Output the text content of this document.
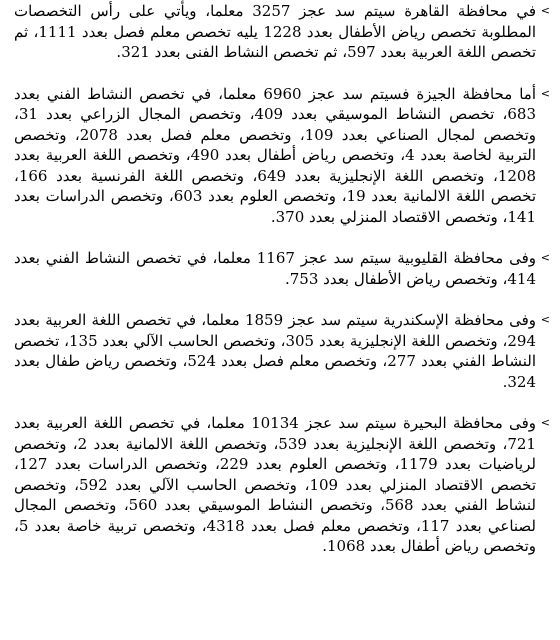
>
في محافظة القاهرة سيتم سد عجز 3257 معلما، ويأتي على رأس التخصصات المطلوبة تخصص رياض الأطفال بعدد 1228 يليه تخصص معلم فصل بعدد 1111، ثم تخصص اللغة العربية بعدد 597، ثم تخصص النشاط الفنى بعدد 321.

>
أما محافظة الجيزة فسيتم سد عجز 6960 معلما، في تخصص النشاط الفني بعدد 683، تخصص النشاط الموسيقي بعدد 409، وتخصص المجال الزراعي بعدد 31، وتخصص لمجال الصناعي بعدد 109، وتخصص معلم فصل بعدد 2078، وتخصص التربية لخاصة بعدد 4، وتخصص رياض أطفال بعدد 490، وتخصص اللغة العربية بعدد 1208، وتخصص اللغة الإنجليزية بعدد 649، وتخصص اللغة الفرنسية بعدد 166، تخصص اللغة الالمانية بعدد 19، وتخصص العلوم بعدد 603، وتخصص الدراسات بعدد 141، وتخصص الاقتصاد المنزلي بعدد 370.

>
وفى محافظة القليوبية سيتم سد عجز 1167 معلما، في تخصص النشاط الفني بعدد 414، وتخصص رياض الأطفال بعدد 753.

>
وفى محافظة الإسكندرية سيتم سد عجز 1859 معلما، في تخصص اللغة العربية بعدد 294، وتخصص اللغة الإنجليزية بعدد 305، وتخصص الحاسب الآلي بعدد 135، تخصص النشاط الفني بعدد 277، وتخصص معلم فصل بعدد 524، وتخصص رياض طفال بعدد 324.

>
وفى محافظة البحيرة سيتم سد عجز 10134 معلما، في تخصص اللغة العربية بعدد 721، وتخصص اللغة الإنجليزية بعدد 539، وتخصص اللغة الالمانية بعدد 2، وتخصص لرياضيات بعدد 1179، وتخصص العلوم بعدد 229، وتخصص الدراسات بعدد 127، تخصص الاقتصاد المنزلي بعدد 109، وتخصص الحاسب الآلي بعدد 592، وتخصص لنشاط الفني بعدد 568، وتخصص النشاط الموسيقي بعدد 560، وتخصص المجال لصناعي بعدد 117، وتخصص معلم فصل بعدد 4318، وتخصص تربية خاصة بعدد 5، وتخصص رياض أطفال بعدد 1068.
